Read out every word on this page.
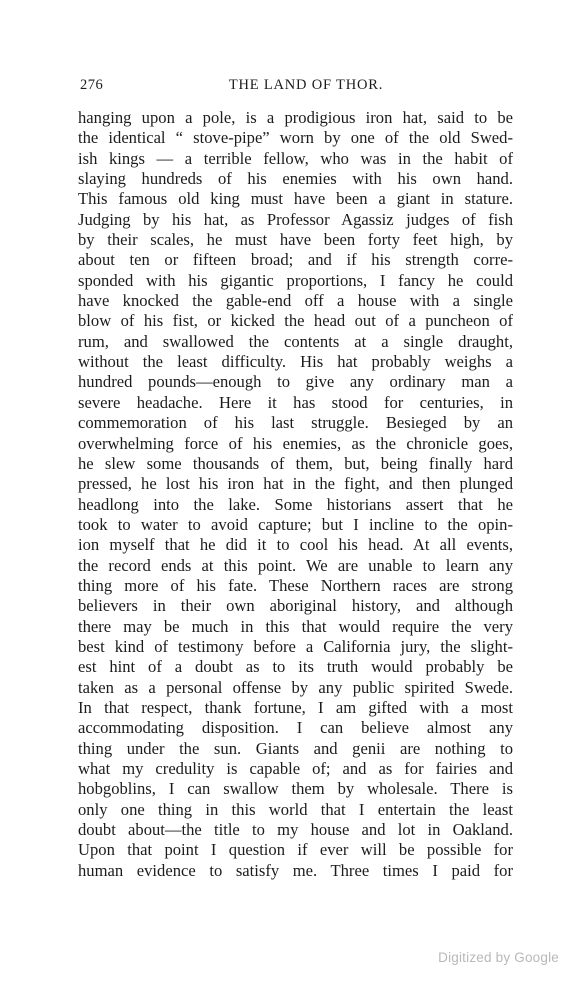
276	THE LAND OF THOR.
hanging upon a pole, is a prodigious iron hat, said to be
the identical “ stove-pipe” worn by one of the old Swed-
ish kings — a terrible fellow, who was in the habit of
slaying hundreds of his enemies with his own hand.
This famous old king must have been a giant in stature.
Judging by his hat, as Professor Agassiz judges of fish
by their scales, he must have been forty feet high, by
about ten or fifteen broad; and if his strength corre-
sponded with his gigantic proportions, I fancy he could
have knocked the gable-end off a house with a single
blow of his fist, or kicked the head out of a puncheon of
rum, and swallowed the contents at a single draught,
without the least difficulty. His hat probably weighs a
hundred pounds—enough to give any ordinary man a
severe headache. Here it has stood for centuries, in
commemoration of his last struggle. Besieged by an
overwhelming force of his enemies, as the chronicle goes,
he slew some thousands of them, but, being finally hard
pressed, he lost his iron hat in the fight, and then plunged
headlong into the lake. Some historians assert that he
took to water to avoid capture; but I incline to the opin-
ion myself that he did it to cool his head. At all events,
the record ends at this point. We are unable to learn any
thing more of his fate. These Northern races are strong
believers in their own aboriginal history, and although
there may be much in this that would require the very
best kind of testimony before a California jury, the slight-
est hint of a doubt as to its truth would probably be
taken as a personal offense by any public spirited Swede.
In that respect, thank fortune, I am gifted with a most
accommodating disposition. I can believe almost any
thing under the sun. Giants and genii are nothing to
what my credulity is capable of; and as for fairies and
hobgoblins, I can swallow them by wholesale. There is
only one thing in this world that I entertain the least
doubt about—the title to my house and lot in Oakland.
Upon that point I question if ever will be possible for
human evidence to satisfy me. Three times I paid for
Digitized by Google
